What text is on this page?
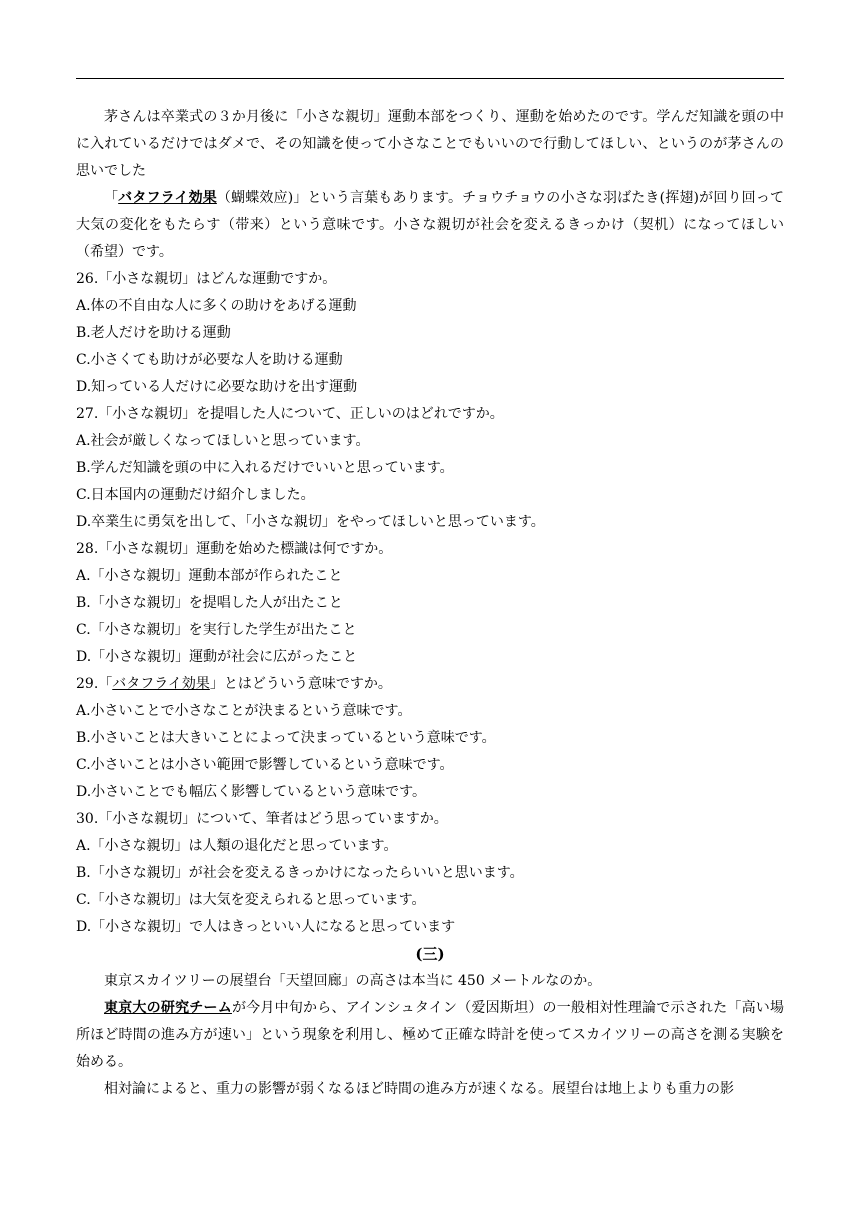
茅さんは卒業式の３か月後に「小さな親切」運動本部をつくり、運動を始めたのです。学んだ知識を頭の中に入れているだけではダメで、その知識を使って小さなことでもいいので行動してほしい、というのが茅さんの思いでした

「バタフライ効果（蝴蝶效应)」という言葉もあります。チョウチョウの小さな羽ばたき(挥翅)が回り回って大気の変化をもたらす（带来）という意味です。小さな親切が社会を変えるきっかけ（契机）になってほしい（希望）です。

26.「小さな親切」はどんな運動ですか。

A.体の不自由な人に多くの助けをあげる運動

B.老人だけを助ける運動

C.小さくても助けが必要な人を助ける運動

D.知っている人だけに必要な助けを出す運動

27.「小さな親切」を提唱した人について、正しいのはどれですか。

A.社会が厳しくなってほしいと思っています。

B.学んだ知識を頭の中に入れるだけでいいと思っています。

C.日本国内の運動だけ紹介しました。

D.卒業生に勇気を出して、「小さな親切」をやってほしいと思っています。

28.「小さな親切」運動を始めた標識は何ですか。

A.「小さな親切」運動本部が作られたこと

B.「小さな親切」を提唱した人が出たこと

C.「小さな親切」を実行した学生が出たこと

D.「小さな親切」運動が社会に広がったこと

29.「バタフライ効果」とはどういう意味ですか。

A.小さいことで小さなことが決まるという意味です。

B.小さいことは大きいことによって決まっているという意味です。

C.小さいことは小さい範囲で影響しているという意味です。

D.小さいことでも幅広く影響しているという意味です。

30.「小さな親切」について、筆者はどう思っていますか。

A.「小さな親切」は人類の退化だと思っています。

B.「小さな親切」が社会を変えるきっかけになったらいいと思います。

C.「小さな親切」は大気を変えられると思っています。

D.「小さな親切」で人はきっといい人になると思っています

(三)

東京スカイツリーの展望台「天望回廊」の高さは本当に 450 メートルなのか。

東京大の研究チームが今月中旬から、アインシュタイン（爱因斯坦）の一般相対性理論で示された「高い場所ほど時間の進み方が速い」という現象を利用し、極めて正確な時計を使ってスカイツリーの高さを測る実験を始める。

相対論によると、重力の影響が弱くなるほど時間の進み方が速くなる。展望台は地上よりも重力の影
